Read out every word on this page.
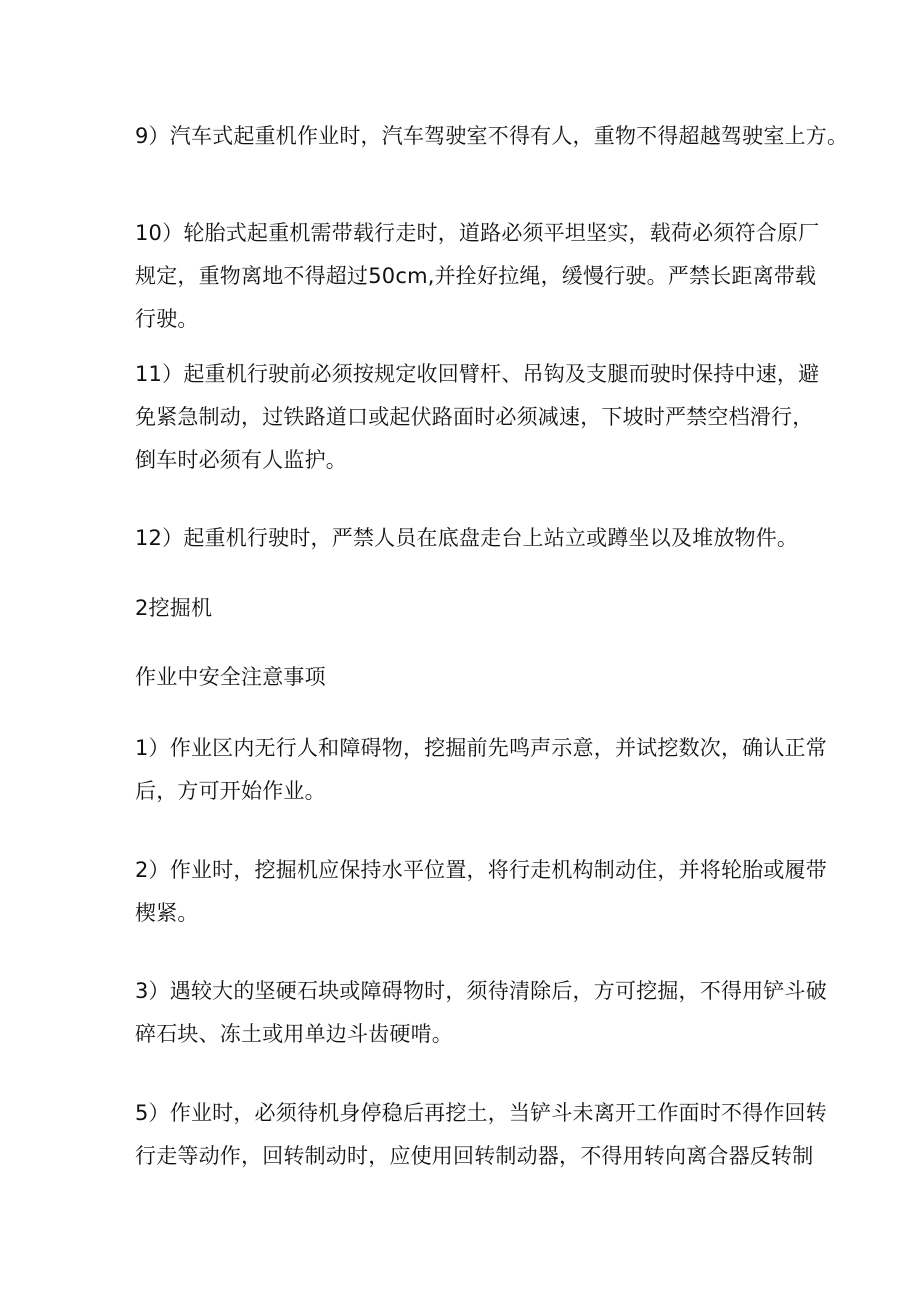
9）汽车式起重机作业时，汽车驾驶室不得有人，重物不得超越驾驶室上方。

10）轮胎式起重机需带载行走时，道路必须平坦坚实，载荷必须符合原厂
规定，重物离地不得超过50cm,并拴好拉绳，缓慢行驶。严禁长距离带载
行驶。

11）起重机行驶前必须按规定收回臂杆、吊钩及支腿而驶时保持中速，避
免紧急制动，过铁路道口或起伏路面时必须减速，下坡时严禁空档滑行，
倒车时必须有人监护。

12）起重机行驶时，严禁人员在底盘走台上站立或蹲坐以及堆放物件。

2挖掘机

作业中安全注意事项

1）作业区内无行人和障碍物，挖掘前先鸣声示意，并试挖数次，确认正常
后，方可开始作业。

2）作业时，挖掘机应保持水平位置，将行走机构制动住，并将轮胎或履带
楔紧。

3）遇较大的坚硬石块或障碍物时，须待清除后，方可挖掘，不得用铲斗破
碎石块、冻土或用单边斗齿硬啃。

5）作业时，必须待机身停稳后再挖土，当铲斗未离开工作面时不得作回转
行走等动作，回转制动时，应使用回转制动器，不得用转向离合器反转制
